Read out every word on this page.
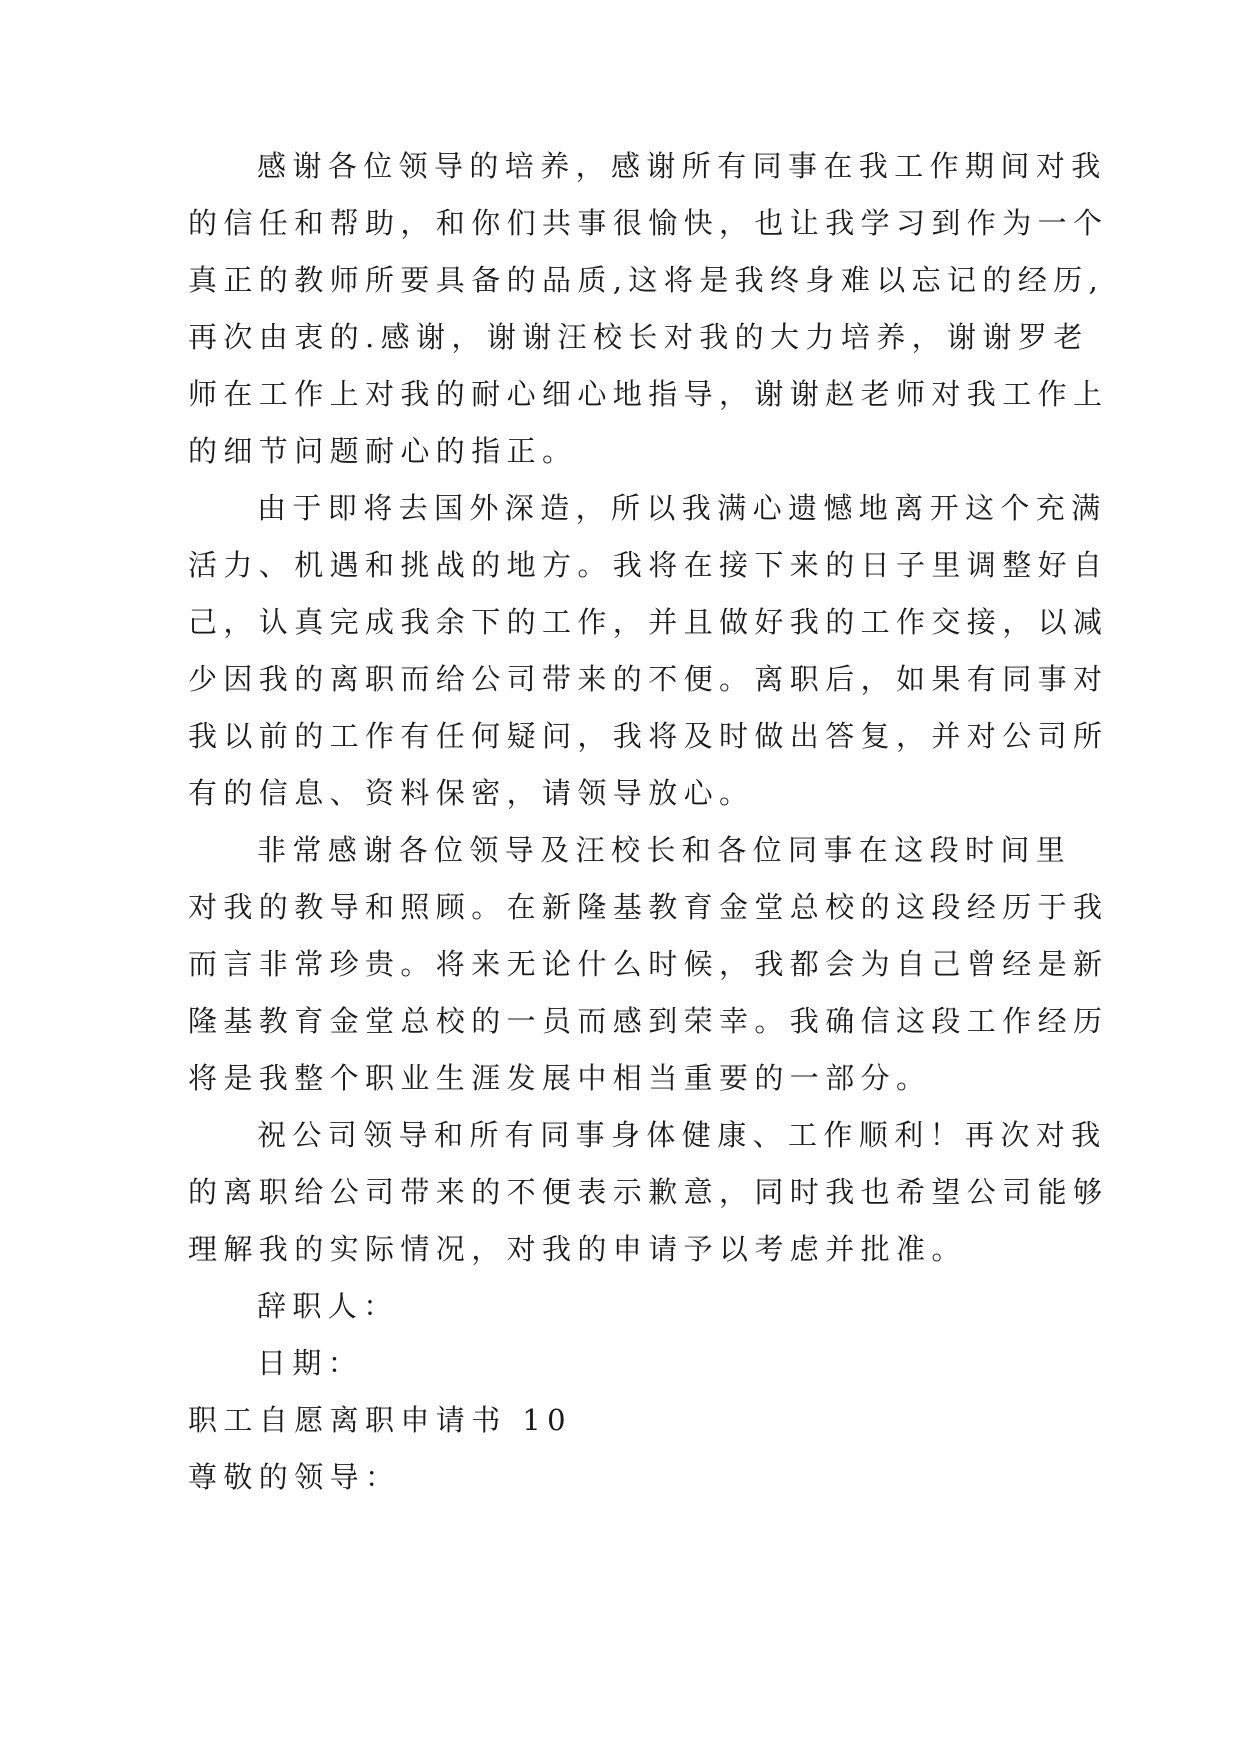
感谢各位领导的培养，感谢所有同事在我工作期间对我
的信任和帮助，和你们共事很愉快，也让我学习到作为一个
真正的教师所要具备的品质,这将是我终身难以忘记的经历,
再次由衷的.感谢，谢谢汪校长对我的大力培养，谢谢罗老
师在工作上对我的耐心细心地指导，谢谢赵老师对我工作上
的细节问题耐心的指正。
由于即将去国外深造，所以我满心遗憾地离开这个充满
活力、机遇和挑战的地方。我将在接下来的日子里调整好自
己，认真完成我余下的工作，并且做好我的工作交接，以减
少因我的离职而给公司带来的不便。离职后，如果有同事对
我以前的工作有任何疑问，我将及时做出答复，并对公司所
有的信息、资料保密，请领导放心。
非常感谢各位领导及汪校长和各位同事在这段时间里
对我的教导和照顾。在新隆基教育金堂总校的这段经历于我
而言非常珍贵。将来无论什么时候，我都会为自己曾经是新
隆基教育金堂总校的一员而感到荣幸。我确信这段工作经历
将是我整个职业生涯发展中相当重要的一部分。
祝公司领导和所有同事身体健康、工作顺利！再次对我
的离职给公司带来的不便表示歉意，同时我也希望公司能够
理解我的实际情况，对我的申请予以考虑并批准。
辞职人：
日期：
职工自愿离职申请书 10
尊敬的领导：
